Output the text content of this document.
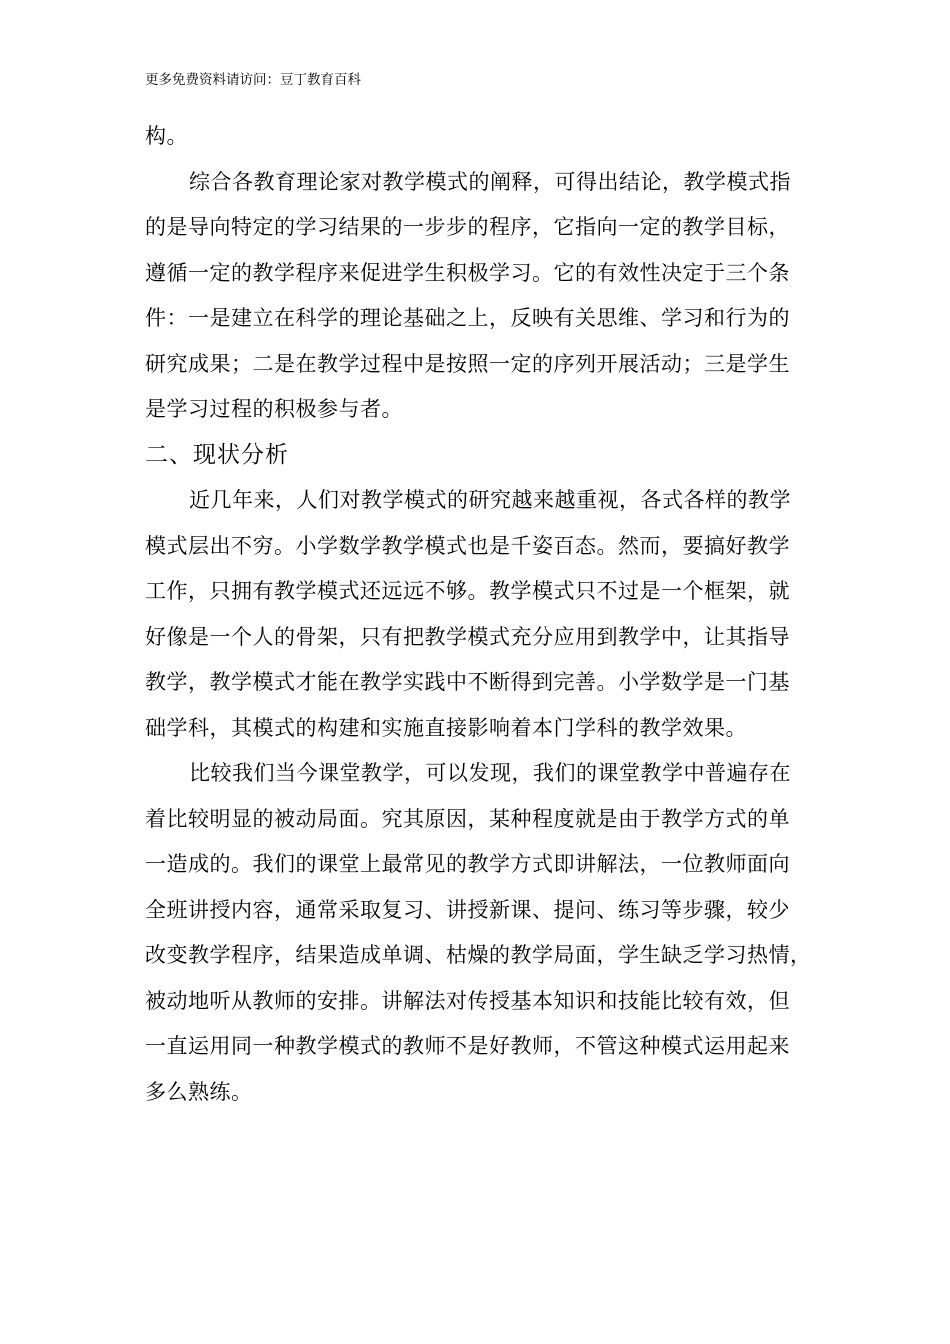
更多免费资料请访问：豆丁教育百科
构。
综合各教育理论家对教学模式的阐释，可得出结论，教学模式指
的是导向特定的学习结果的一步步的程序，它指向一定的教学目标，
遵循一定的教学程序来促进学生积极学习。它的有效性决定于三个条
件：一是建立在科学的理论基础之上，反映有关思维、学习和行为的
研究成果；二是在教学过程中是按照一定的序列开展活动；三是学生
是学习过程的积极参与者。
二、现状分析
近几年来，人们对教学模式的研究越来越重视，各式各样的教学
模式层出不穷。小学数学教学模式也是千姿百态。然而，要搞好教学
工作，只拥有教学模式还远远不够。教学模式只不过是一个框架，就
好像是一个人的骨架，只有把教学模式充分应用到教学中，让其指导
教学，教学模式才能在教学实践中不断得到完善。小学数学是一门基
础学科，其模式的构建和实施直接影响着本门学科的教学效果。
比较我们当今课堂教学，可以发现，我们的课堂教学中普遍存在
着比较明显的被动局面。究其原因，某种程度就是由于教学方式的单
一造成的。我们的课堂上最常见的教学方式即讲解法，一位教师面向
全班讲授内容，通常采取复习、讲授新课、提问、练习等步骤，较少
改变教学程序，结果造成单调、枯燥的教学局面，学生缺乏学习热情，
被动地听从教师的安排。讲解法对传授基本知识和技能比较有效，但
一直运用同一种教学模式的教师不是好教师，不管这种模式运用起来
多么熟练。
